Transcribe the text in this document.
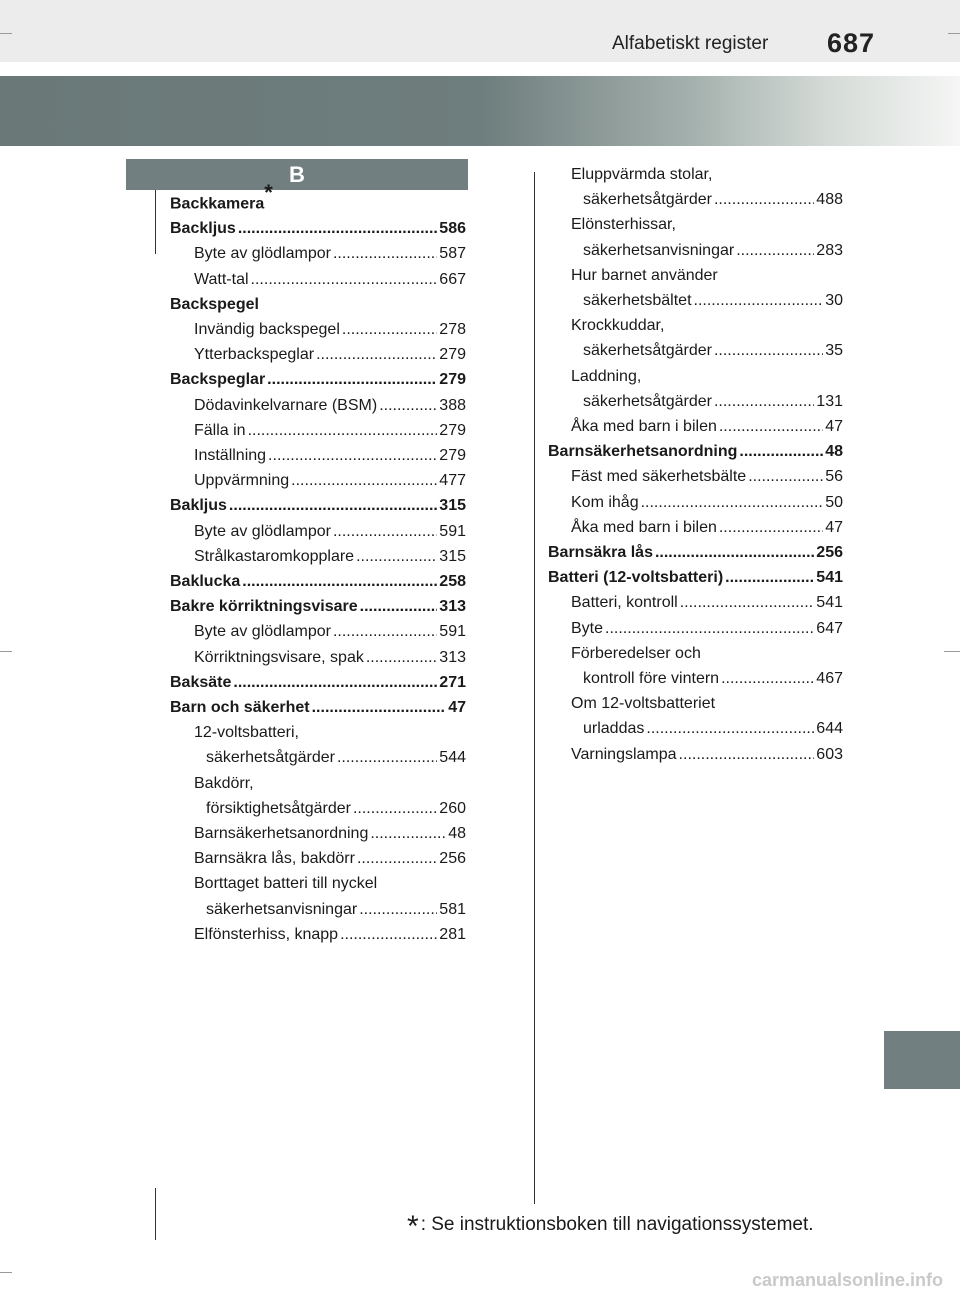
Alfabetiskt register 687
B
Backkamera*
Backljus .....	586
Byte av glödlampor .....	587
Watt-tal .....	667
Backspegel
Invändig backspegel .....	278
Ytterbackspeglar .....	279
Backspeglar .....	279
Dödavinkelvarnare (BSM) .....	388
Fälla in .....	279
Inställning .....	279
Uppvärmning .....	477
Bakljus .....	315
Byte av glödlampor .....	591
Strålkastaromkopplare .....	315
Baklucka .....	258
Bakre körriktningsvisare .....	313
Byte av glödlampor .....	591
Körriktningsvisare, spak .....	313
Baksäte .....	271
Barn och säkerhet .....	47
12-voltsbatteri,
säkerhetsåtgärder .....	544
Bakdörr,
försiktighetsåtgärder .....	260
Barnsäkerhetsanordning .....	48
Barnsäkra lås, bakdörr .....	256
Borttaget batteri till nyckel
säkerhetsanvisningar .....	581
Elfönsterhiss, knapp .....	281
Eluppvärmda stolar,
säkerhetsåtgärder .....	488
Elönsterhissar,
säkerhetsanvisningar .....	283
Hur barnet använder
säkerhetsbältet .....	30
Krockkuddar,
säkerhetsåtgärder .....	35
Laddning,
säkerhetsåtgärder .....	131
Åka med barn i bilen .....	47
Barnsäkerhetsanordning .....	48
Fäst med säkerhetsbälte .....	56
Kom ihåg .....	50
Åka med barn i bilen .....	47
Barnsäkra lås .....	256
Batteri (12-voltsbatteri) .....	541
Batteri, kontroll .....	541
Byte .....	647
Förberedelser och
kontroll före vintern .....	467
Om 12-voltsbatteriet
urladdas .....	644
Varningslampa .....	603
* : Se instruktionsboken till navigationssystemet.
carmanualsonline.info
